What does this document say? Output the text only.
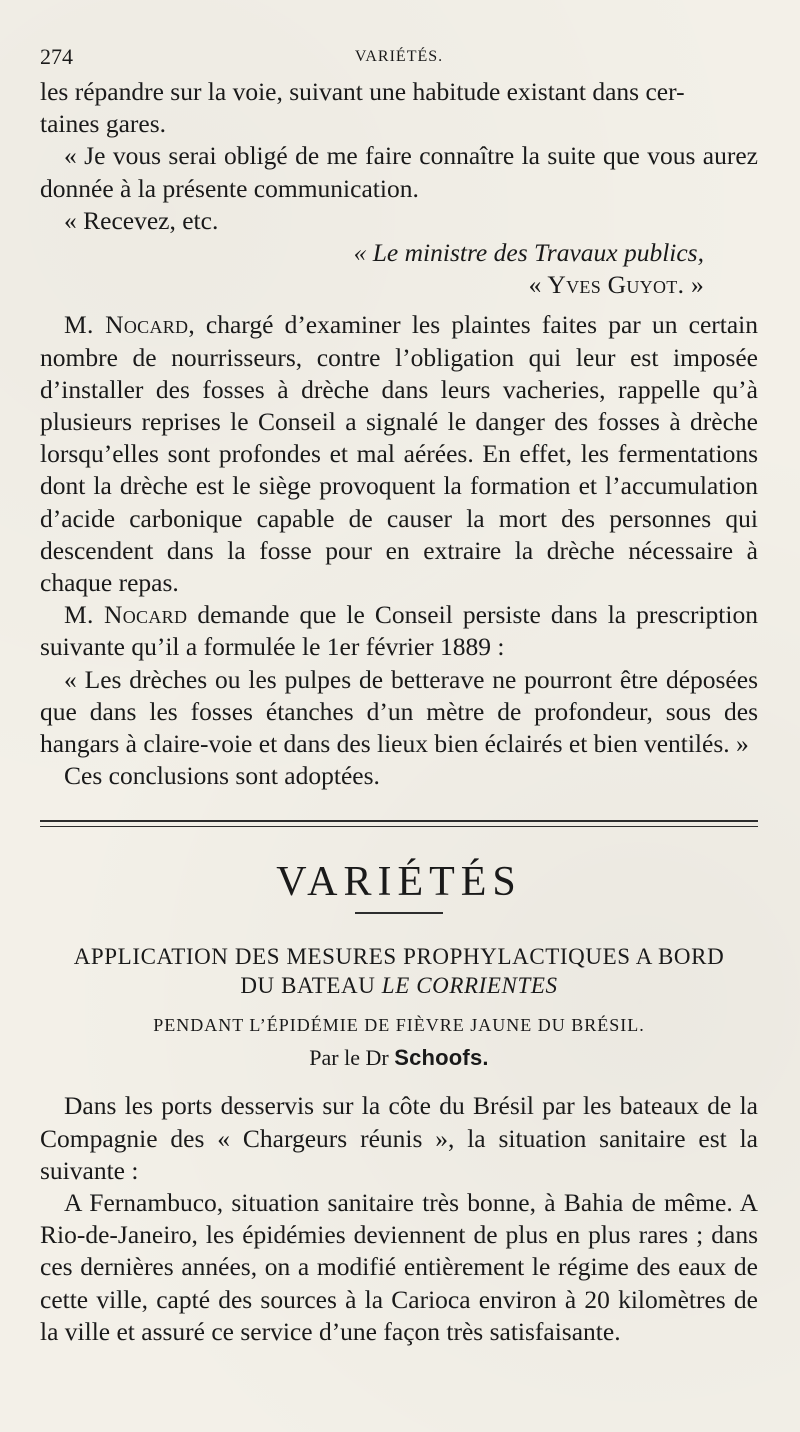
274	VARIÉTÉS.

les répandre sur la voie, suivant une habitude existant dans cer-

taines gares.

« Je vous serai obligé de me faire connaître la suite que vous aurez donnée à la présente communication.

« Recevez, etc.

« Le ministre des Travaux publics,

« Yves Guyot. »

M. Nocard, chargé d’examiner les plaintes faites par un certain nombre de nourrisseurs, contre l’obligation qui leur est imposée d’installer des fosses à drèche dans leurs vacheries, rappelle qu’à plusieurs reprises le Conseil a signalé le danger des fosses à drèche lorsqu’elles sont profondes et mal aérées. En effet, les fermentations dont la drèche est le siège provoquent la formation et l’accumulation d’acide carbonique capable de causer la mort des personnes qui descendent dans la fosse pour en extraire la drèche nécessaire à chaque repas.

M. Nocard demande que le Conseil persiste dans la prescription suivante qu’il a formulée le 1er février 1889 :

« Les drèches ou les pulpes de betterave ne pourront être déposées que dans les fosses étanches d’un mètre de profondeur, sous des hangars à claire-voie et dans des lieux bien éclairés et bien ventilés. »

Ces conclusions sont adoptées.

VARIÉTÉS
APPLICATION DES MESURES PROPHYLACTIQUES A BORD
DU BATEAU LE CORRIENTES
PENDANT L’ÉPIDÉMIE DE FIÈVRE JAUNE DU BRÉSIL.
Par le Dr Schoofs.

Dans les ports desservis sur la côte du Brésil par les bateaux de la Compagnie des « Chargeurs réunis », la situation sanitaire est la suivante :

A Fernambuco, situation sanitaire très bonne, à Bahia de même. A Rio-de-Janeiro, les épidémies deviennent de plus en plus rares ; dans ces dernières années, on a modifié entièrement le régime des eaux de cette ville, capté des sources à la Carioca environ à 20 kilomètres de la ville et assuré ce service d’une façon très satisfaisante.
